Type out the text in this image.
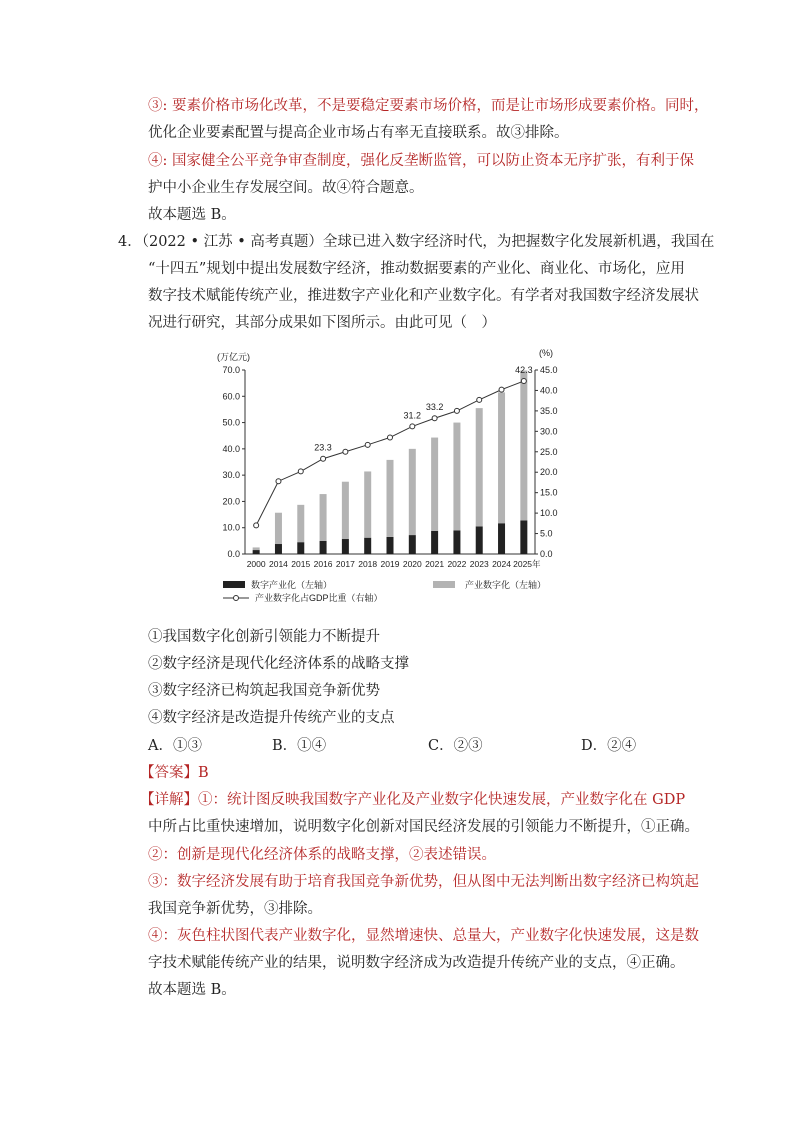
③: 要素价格市场化改革，不是要稳定要素市场价格，而是让市场形成要素价格。同时，
优化企业要素配置与提高企业市场占有率无直接联系。故③排除。
④: 国家健全公平竞争审查制度，强化反垄断监管，可以防止资本无序扩张，有利于保
护中小企业生存发展空间。故④符合题意。
故本题选 B。
4．（2022 • 江苏 • 高考真题）全球已进入数字经济时代，为把握数字化发展新机遇，我国在
“十四五”规划中提出发展数字经济，推动数据要素的产业化、商业化、市场化，应用
数字技术赋能传统产业，推进数字产业化和产业数字化。有学者对我国数字经济发展状
况进行研究，其部分成果如下图所示。由此可见（　）
(万亿元)	(%)
0.0
10.0
20.0
30.0
40.0
50.0
60.0
70.0
0.0
5.0
10.0
15.0
20.0
25.0
30.0
35.0
40.0
45.0
2000 2014 2015 2016 2017 2018 2019 2020 2021 2022 2023 2024 2025年
23.3
31.2
33.2
42.3
数字产业化（左轴）	产业数字化（左轴）
产业数字化占GDP比重（右轴）
①我国数字化创新引领能力不断提升
②数字经济是现代化经济体系的战略支撑
③数字经济已构筑起我国竞争新优势
④数字经济是改造提升传统产业的支点
A．①③	B．①④	C．②③	D．②④
【答案】B
【详解】①：统计图反映我国数字产业化及产业数字化快速发展，产业数字化在 GDP
中所占比重快速增加，说明数字化创新对国民经济发展的引领能力不断提升，①正确。
②：创新是现代化经济体系的战略支撑，②表述错误。
③：数字经济发展有助于培育我国竞争新优势，但从图中无法判断出数字经济已构筑起
我国竞争新优势，③排除。
④：灰色柱状图代表产业数字化，显然增速快、总量大，产业数字化快速发展，这是数
字技术赋能传统产业的结果，说明数字经济成为改造提升传统产业的支点，④正确。
故本题选 B。
